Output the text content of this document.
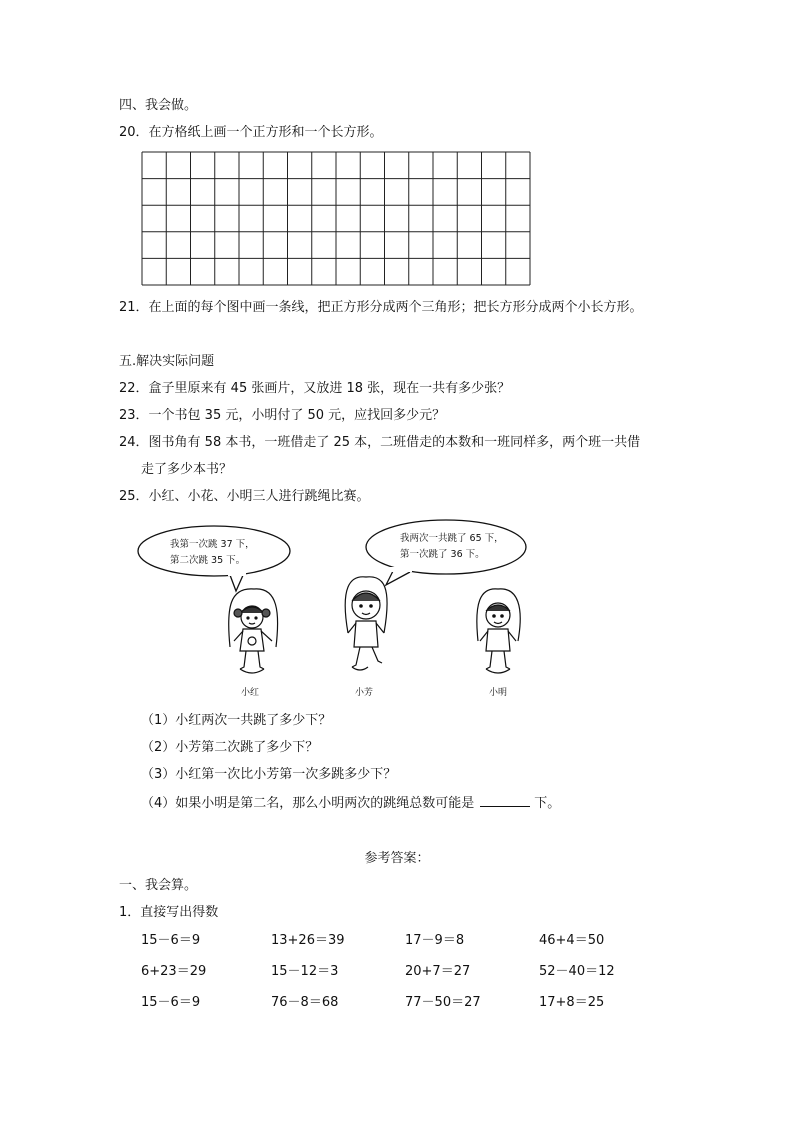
四、我会做。
20．在方格纸上画一个正方形和一个长方形。
21．在上面的每个图中画一条线，把正方形分成两个三角形；把长方形分成两个小长方形。
五.解决实际问题
22．盒子里原来有 45 张画片，又放进 18 张，现在一共有多少张？
23．一个书包 35 元，小明付了 50 元，应找回多少元？
24．图书角有 58 本书，一班借走了 25 本，二班借走的本数和一班同样多，两个班一共借
走了多少本书？
25．小红、小花、小明三人进行跳绳比赛。
我第一次跳 37 下，
第二次跳 35 下。
我两次一共跳了 65 下，
第一次跳了 36 下。
小红	小芳	小明
（1）小红两次一共跳了多少下？
（2）小芳第二次跳了多少下？
（3）小红第一次比小芳第一次多跳多少下？
（4）如果小明是第二名，那么小明两次的跳绳总数可能是	下。
参考答案：
一、我会算。
1．直接写出得数
15－6＝9	13+26＝39	17－9＝8	46+4＝50
6+23＝29	15－12＝3	20+7＝27	52－40＝12
15－6＝9	76－8＝68	77－50＝27	17+8＝25
